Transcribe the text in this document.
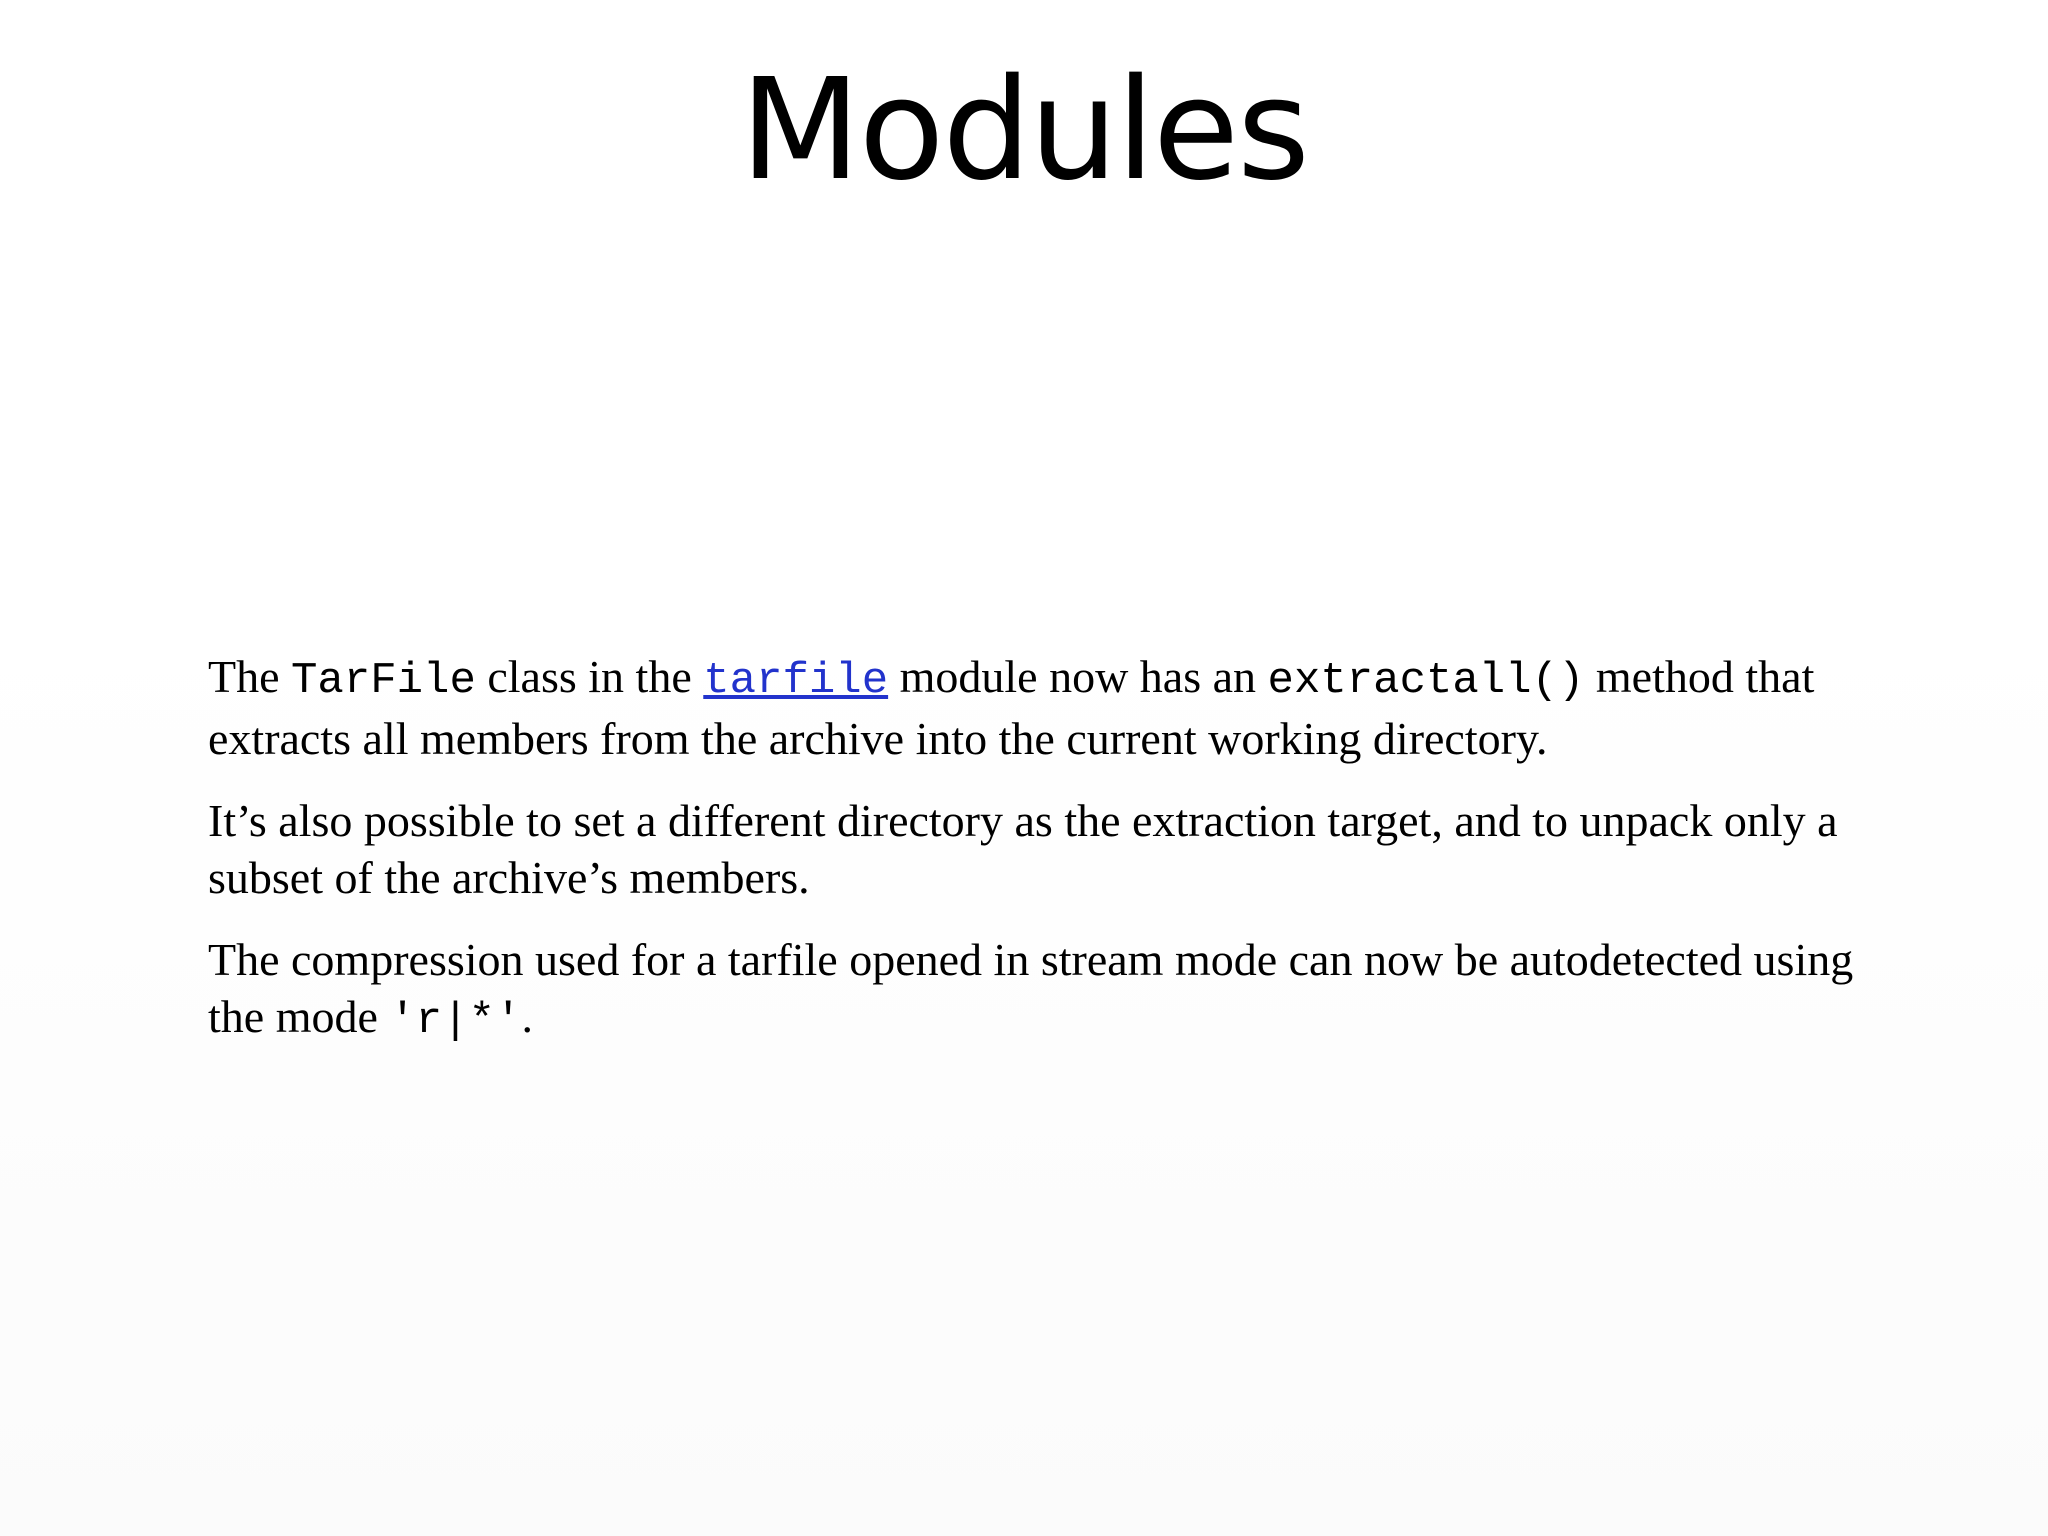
Modules

The TarFile class in the tarfile module now has an extractall() method that extracts all members from the archive into the current working directory.

It’s also possible to set a different directory as the extraction target, and to unpack only a subset of the archive’s members.

The compression used for a tarfile opened in stream mode can now be autodetected using the mode 'r|*'.
